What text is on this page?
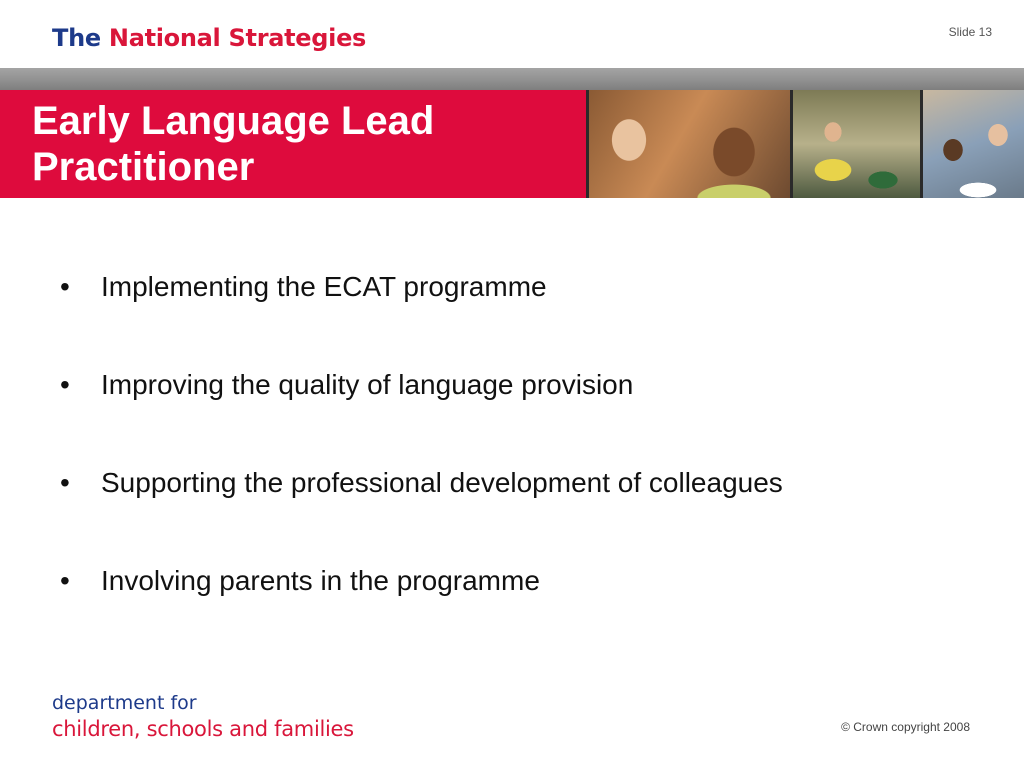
The National Strategies	Slide 13
Early Language Lead
Practitioner
• Implementing the ECAT programme
• Improving the quality of language provision
• Supporting the professional development of colleagues
• Involving parents in the programme
department for
children, schools and families	© Crown copyright 2008
